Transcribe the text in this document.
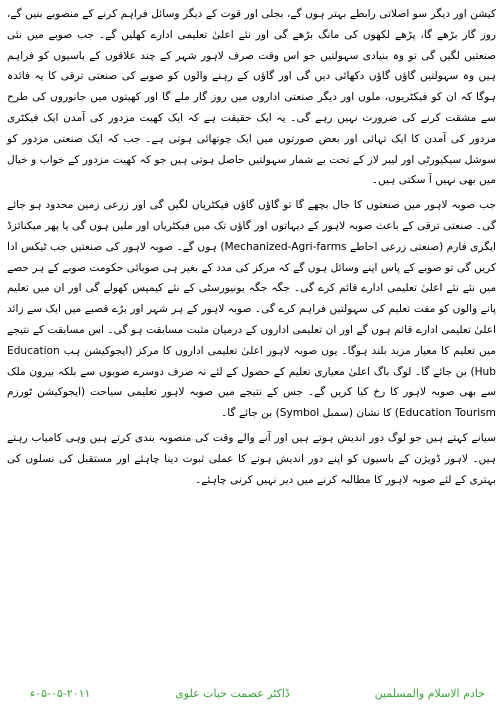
کیشن اور دیگر سو اصلاتی رابطے بہتر ہوں گے، بجلی اور قوت کے دیگر وسائل فراہم کرنے کے منصوبے بنیں گے، روز گار بڑھے گا، پڑھے لکھوں کی مانگ بڑھے گی اور نئے اعلیٰ تعلیمی ادارے کھلیں گے۔ جب صوبے میں نئی صنعتیں لگیں گی تو وہ بنیادی سہولتیں جو اس وقت صرف لاہور شہر کے چند علاقوں کے باسیوں کو فراہم ہیں وہ سہولتیں گاؤں گاؤں دکھائی دیں گی اور گاؤں کے رہنے والوں کو صوبے کی صنعتی ترقی کا یہ فائدہ ہوگا کہ ان کو فیکٹریوں، ملوں اور دیگر صنعتی اداروں میں روز گار ملے گا اور کھیتوں میں جانوروں کی طرح سے مشقت کرنے کی ضرورت نہیں رہے گی۔ یہ ایک حقیقت ہے کہ ایک کھیت مزدور کی آمدن ایک فیکٹری مزدور کی آمدن کا ایک تہائی اور بعض صورتوں میں ایک چوتھائی ہوتی ہے۔ جب کہ ایک صنعتی مزدور کو سوشل سیکیورٹی اور لیبر لاز کے تحت بے شمار سہولتیں حاصل ہوتی ہیں جو کہ کھیت مزدور کے خواب و خیال میں بھی نہیں آ سکتی ہیں۔

جب صوبہ لاہور میں صنعتوں کا جال بچھے گا تو گاؤں گاؤں فیکٹریاں لگیں گی اور زرعی زمین محدود ہو جائے گی۔ صنعتی ترقی کے باعث صوبہ لاہور کے دیہاتوں اور گاؤں تک میں فیکٹریاں اور ملیں ہوں گی یا پھر میکنائزڈ ایگری فارم (صنعتی زرعی احاطے Mechanized-Agri-farms) ہوں گے۔ صوبہ لاہور کی صنعتیں جب ٹیکس ادا کریں گی تو صوبے کے پاس اپنے وسائل ہوں گے کہ مرکز کی مدد کے بغیر ہی صوبائی حکومت صوبے کے ہر حصے میں نئے نئے اعلیٰ تعلیمی ادارے قائم کرے گی۔ جگہ جگہ یونیورسٹی کے نئے کیمپس کھولے گی اور ان میں تعلیم پانے والوں کو مفت تعلیم کی سہولتیں فراہم کرے گی۔ صوبہ لاہور کے ہر شہر اور بڑے قصبے میں ایک سے زائد اعلیٰ تعلیمی ادارے قائم ہوں گے اور ان تعلیمی اداروں کے درمیان مثبت مسابقت ہو گی۔ اس مسابقت کے نتیجے میں تعلیم کا معیار مزید بلند ہوگا۔ یوں صوبہ لاہور اعلیٰ تعلیمی اداروں کا مرکز (ایجوکیشن ہب Education Hub) بن جائے گا۔ لوگ باگ اعلیٰ معیاری تعلیم کے حصول کے لئے نہ صرف دوسرے صوبوں سے بلکہ بیرون ملک سے بھی صوبہ لاہور کا رخ کیا کریں گے۔ جس کے نتیجے میں صوبہ لاہور تعلیمی سیاحت (ایجوکیشن ٹورزم Education Tourism) کا نشان (سمبل Symbol) بن جائے گا۔

سیانے کہتے ہیں جو لوگ دور اندیش ہوتے ہیں اور آنے والے وقت کی منصوبہ بندی کرتے ہیں وہی کامیاب رہتے ہیں۔ لاہور ڈویژن کے باسیوں کو اپنے دور اندیش ہونے کا عملی ثبوت دینا چاہئے اور مستقبل کی نسلوں کی بہتری کے لئے صوبہ لاہور کا مطالبہ کرنے میں دیر نہیں کرنی چاہئے۔

خادم الاسلام والمسلمین
ڈاکٹر عصمت حیات علوی
۰۵-۰۵-۲۰۱۱ء
